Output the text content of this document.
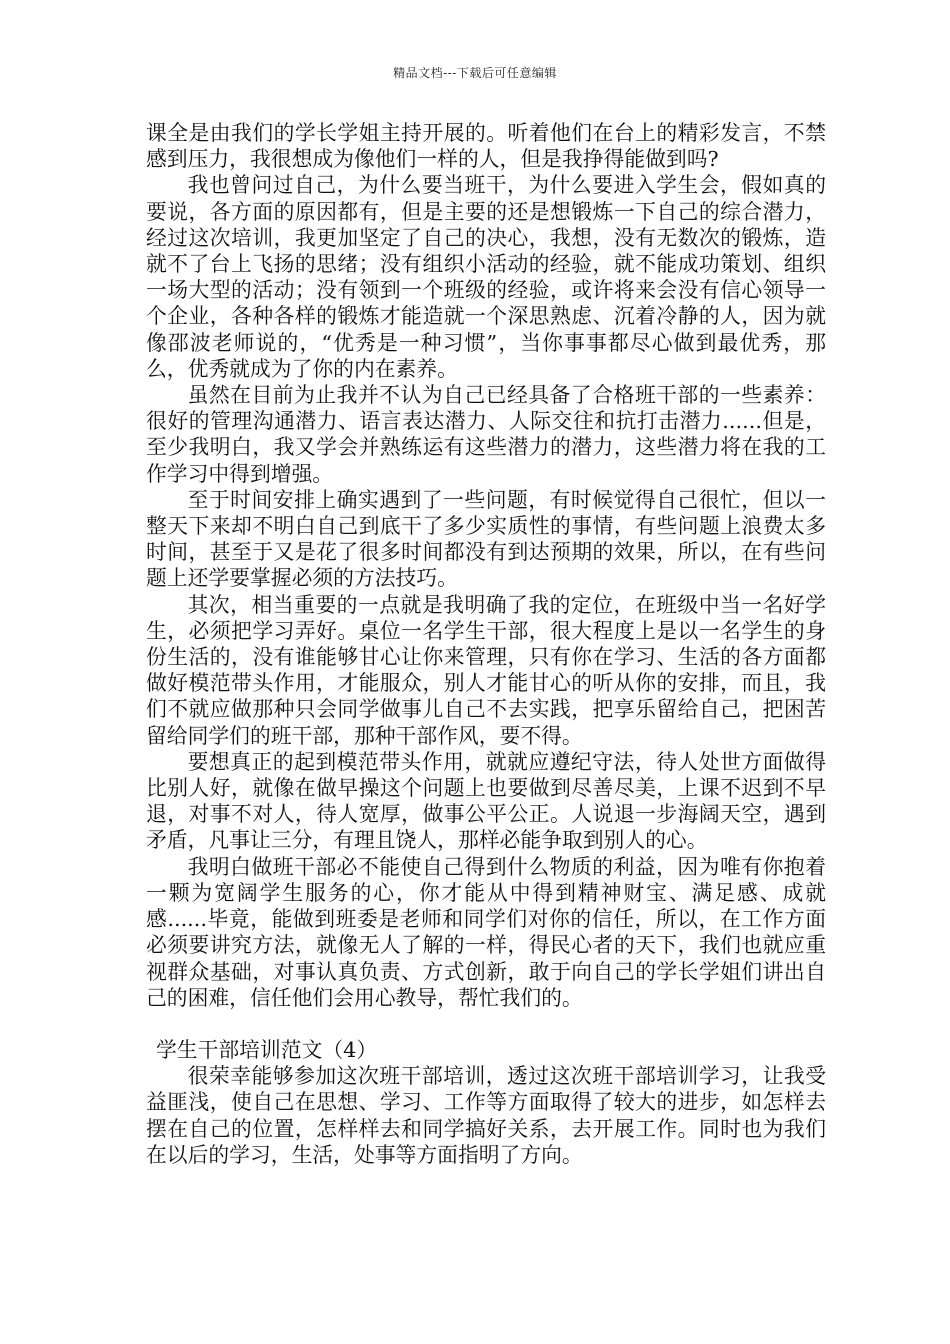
精品文档---下载后可任意编辑

课全是由我们的学长学姐主持开展的。听着他们在台上的精彩发言，不禁感到压力，我很想成为像他们一样的人，但是我挣得能做到吗?

我也曾问过自己，为什么要当班干，为什么要进入学生会，假如真的要说，各方面的原因都有，但是主要的还是想锻炼一下自己的综合潜力，经过这次培训，我更加坚定了自己的决心，我想，没有无数次的锻炼，造就不了台上飞扬的思绪；没有组织小活动的经验，就不能成功策划、组织一场大型的活动；没有领到一个班级的经验，或许将来会没有信心领导一个企业，各种各样的锻炼才能造就一个深思熟虑、沉着冷静的人，因为就像邵波老师说的，“优秀是一种习惯”，当你事事都尽心做到最优秀，那么，优秀就成为了你的内在素养。

虽然在目前为止我并不认为自己已经具备了合格班干部的一些素养：很好的管理沟通潜力、语言表达潜力、人际交往和抗打击潜力......但是，至少我明白，我又学会并熟练运有这些潜力的潜力，这些潜力将在我的工作学习中得到增强。

至于时间安排上确实遇到了一些问题，有时候觉得自己很忙，但以一整天下来却不明白自己到底干了多少实质性的事情，有些问题上浪费太多时间，甚至于又是花了很多时间都没有到达预期的效果，所以，在有些问题上还学要掌握必须的方法技巧。

其次，相当重要的一点就是我明确了我的定位，在班级中当一名好学生，必须把学习弄好。桌位一名学生干部，很大程度上是以一名学生的身份生活的，没有谁能够甘心让你来管理，只有你在学习、生活的各方面都做好模范带头作用，才能服众，别人才能甘心的听从你的安排，而且，我们不就应做那种只会同学做事儿自己不去实践，把享乐留给自己，把困苦留给同学们的班干部，那种干部作风，要不得。

要想真正的起到模范带头作用，就就应遵纪守法，待人处世方面做得比别人好，就像在做早操这个问题上也要做到尽善尽美，上课不迟到不早退，对事不对人，待人宽厚，做事公平公正。人说退一步海阔天空，遇到矛盾，凡事让三分，有理且饶人，那样必能争取到别人的心。

我明白做班干部必不能使自己得到什么物质的利益，因为唯有你抱着一颗为宽阔学生服务的心，你才能从中得到精神财宝、满足感、成就感......毕竟，能做到班委是老师和同学们对你的信任，所以，在工作方面必须要讲究方法，就像无人了解的一样，得民心者的天下，我们也就应重视群众基础，对事认真负责、方式创新，敢于向自己的学长学姐们讲出自己的困难，信任他们会用心教导，帮忙我们的。

学生干部培训范文（4）

很荣幸能够参加这次班干部培训，透过这次班干部培训学习，让我受益匪浅，使自己在思想、学习、工作等方面取得了较大的进步，如怎样去摆在自己的位置，怎样样去和同学搞好关系，去开展工作。同时也为我们在以后的学习，生活，处事等方面指明了方向。
